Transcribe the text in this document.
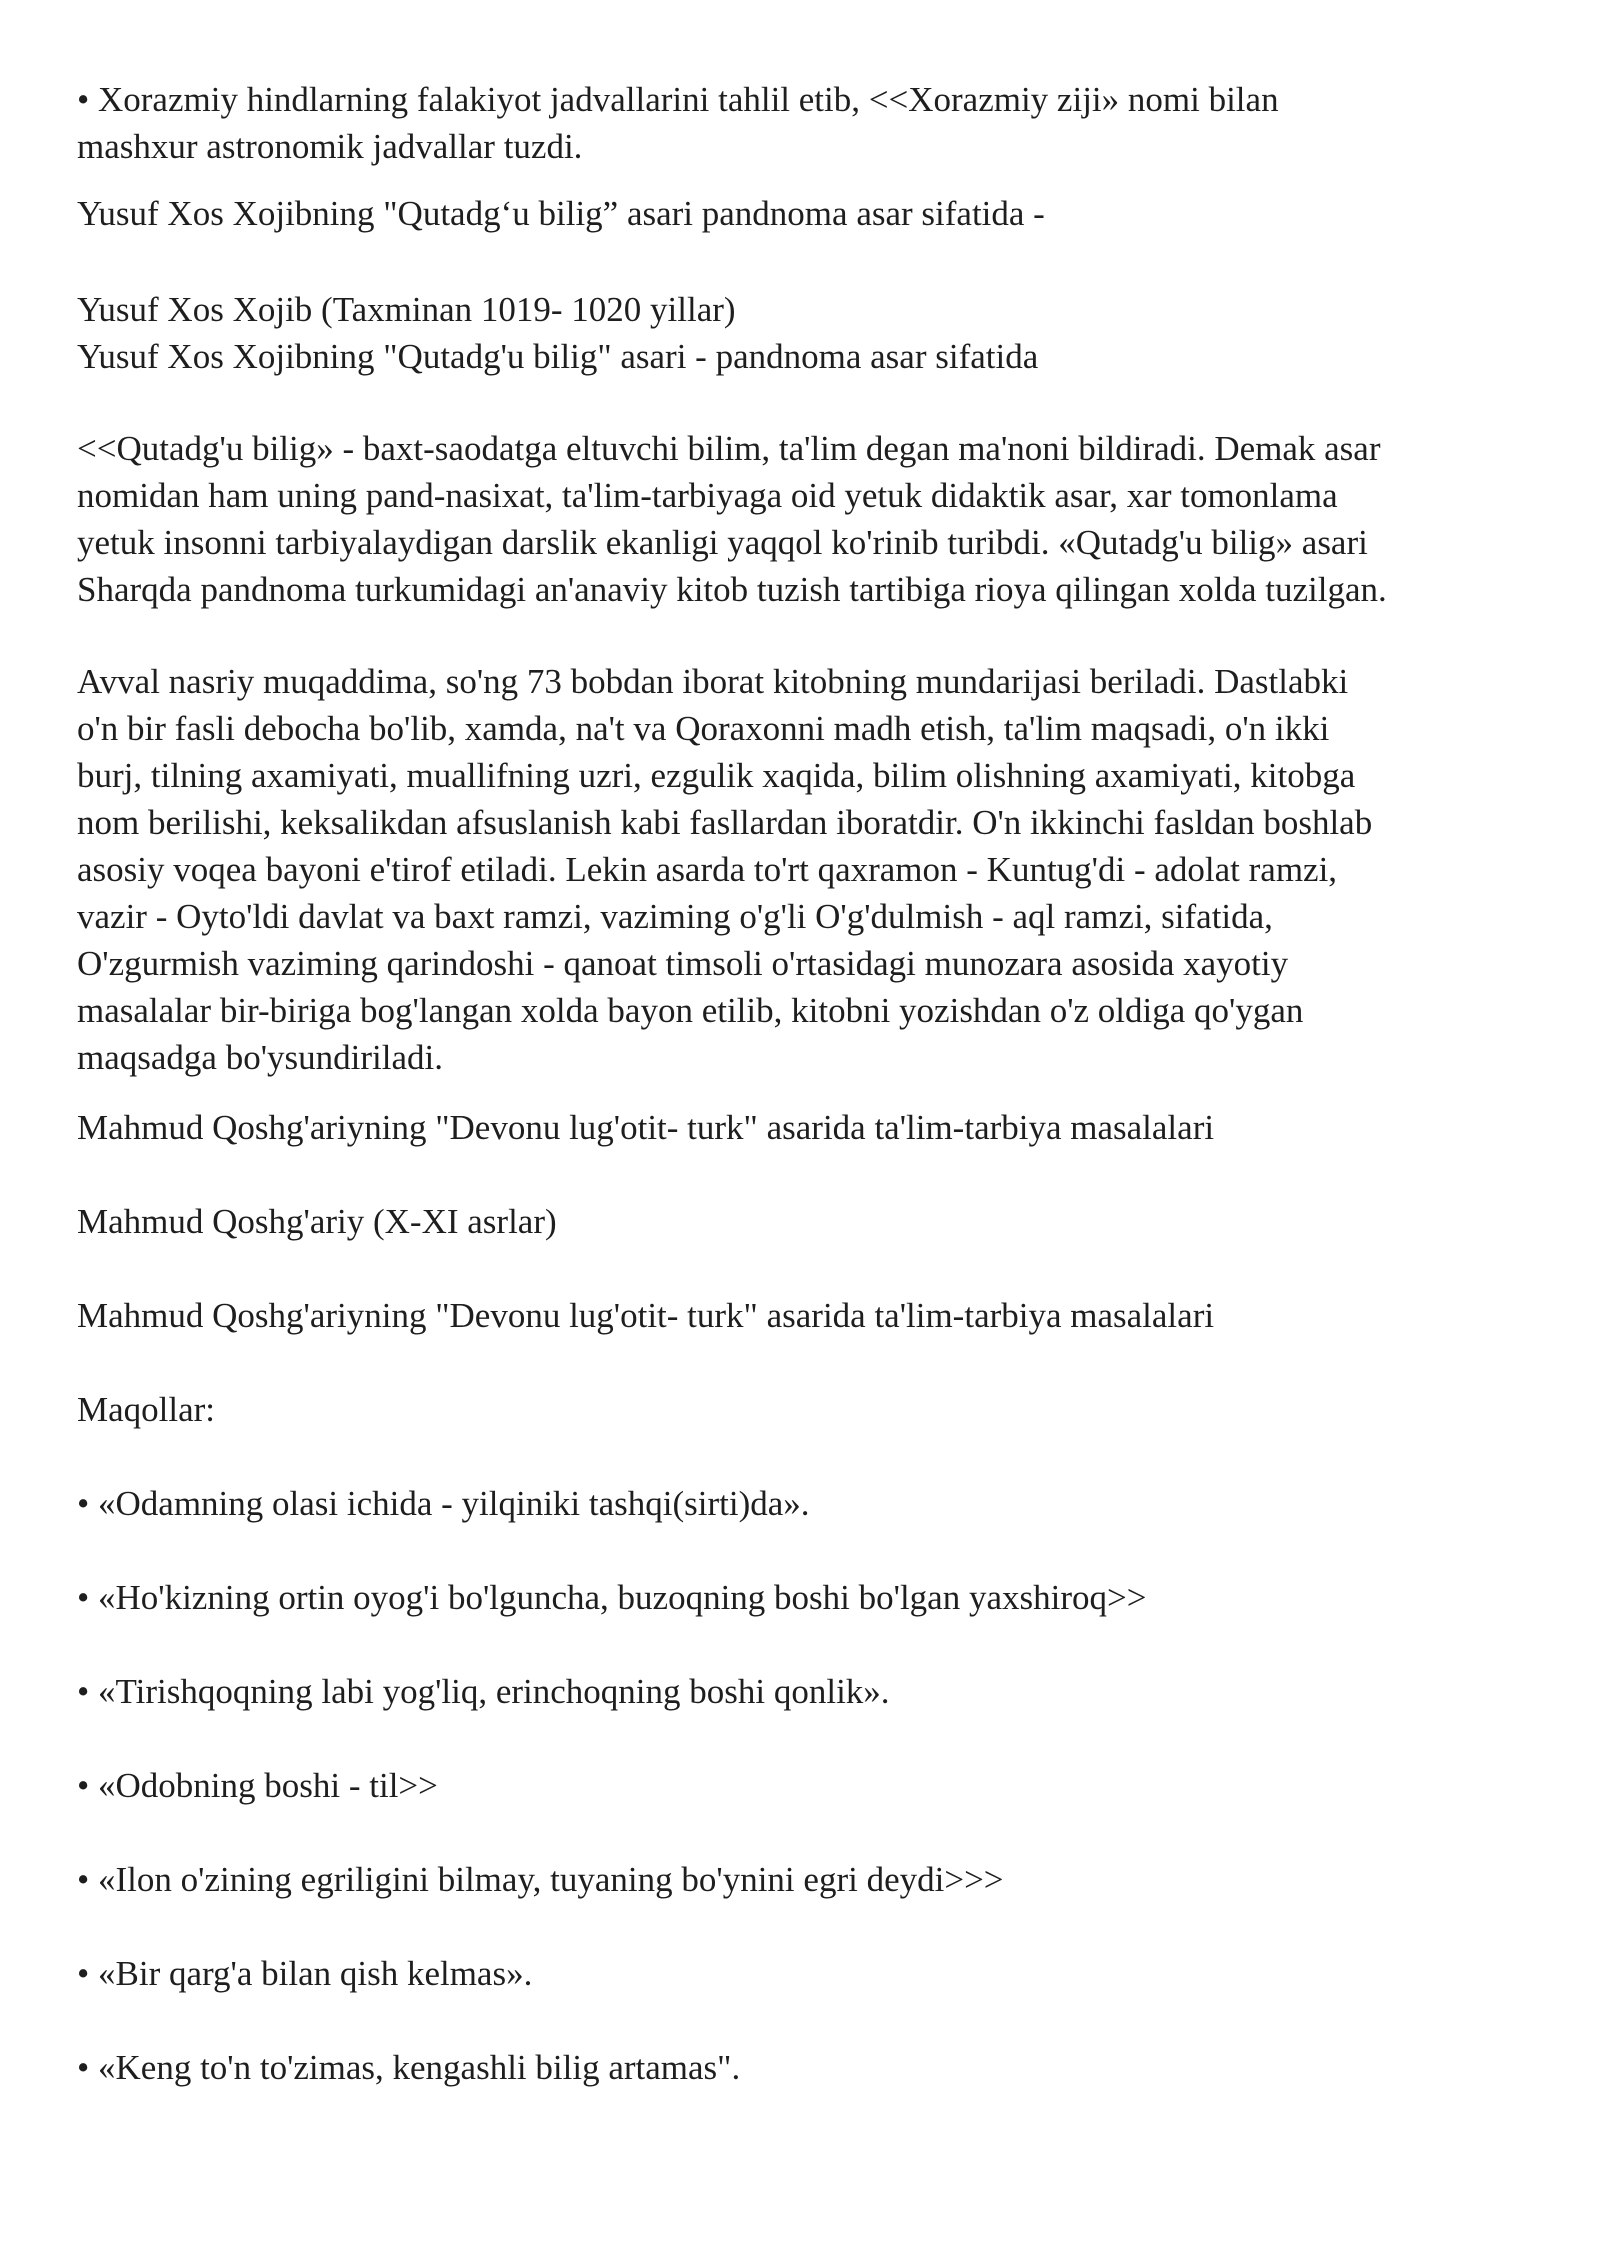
• Xorazmiy hindlarning falakiyot jadvallarini tahlil etib, <<Xorazmiy ziji» nomi bilan
mashxur astronomik jadvallar tuzdi.
Yusuf Xos Xojibning "Qutadg‘u bilig” asari pandnoma asar sifatida -
Yusuf Xos Xojib (Taxminan 1019- 1020 yillar)
Yusuf Xos Xojibning "Qutadg'u bilig" asari - pandnoma asar sifatida
<<Qutadg'u bilig» - baxt-saodatga eltuvchi bilim, ta'lim degan ma'noni bildiradi. Demak asar
nomidan ham uning pand-nasixat, ta'lim-tarbiyaga oid yetuk didaktik asar, xar tomonlama
yetuk insonni tarbiyalaydigan darslik ekanligi yaqqol ko'rinib turibdi. «Qutadg'u bilig» asari
Sharqda pandnoma turkumidagi an'anaviy kitob tuzish tartibiga rioya qilingan xolda tuzilgan.
Avval nasriy muqaddima, so'ng 73 bobdan iborat kitobning mundarijasi beriladi. Dastlabki
o'n bir fasli debocha bo'lib, xamda, na't va Qoraxonni madh etish, ta'lim maqsadi, o'n ikki
burj, tilning axamiyati, muallifning uzri, ezgulik xaqida, bilim olishning axamiyati, kitobga
nom berilishi, keksalikdan afsuslanish kabi fasllardan iboratdir. O'n ikkinchi fasldan boshlab
asosiy voqea bayoni e'tirof etiladi. Lekin asarda to'rt qaxramon - Kuntug'di - adolat ramzi,
vazir - Oyto'ldi davlat va baxt ramzi, vaziming o'g'li O'g'dulmish - aql ramzi, sifatida,
O'zgurmish vaziming qarindoshi - qanoat timsoli o'rtasidagi munozara asosida xayotiy
masalalar bir-biriga bog'langan xolda bayon etilib, kitobni yozishdan o'z oldiga qo'ygan
maqsadga bo'ysundiriladi.
Mahmud Qoshg'ariyning "Devonu lug'otit- turk" asarida ta'lim-tarbiya masalalari
Mahmud Qoshg'ariy (X-XI asrlar)
Mahmud Qoshg'ariyning "Devonu lug'otit- turk" asarida ta'lim-tarbiya masalalari
Maqollar:
• «Odamning olasi ichida - yilqiniki tashqi(sirti)da».
• «Ho'kizning ortin oyog'i bo'lguncha, buzoqning boshi bo'lgan yaxshiroq>>
• «Tirishqoqning labi yog'liq, erinchoqning boshi qonlik».
• «Odobning boshi - til>>
• «Ilon o'zining egriligini bilmay, tuyaning bo'ynini egri deydi>>>
• «Bir qarg'a bilan qish kelmas».
• «Keng to'n to'zimas, kengashli bilig artamas".
